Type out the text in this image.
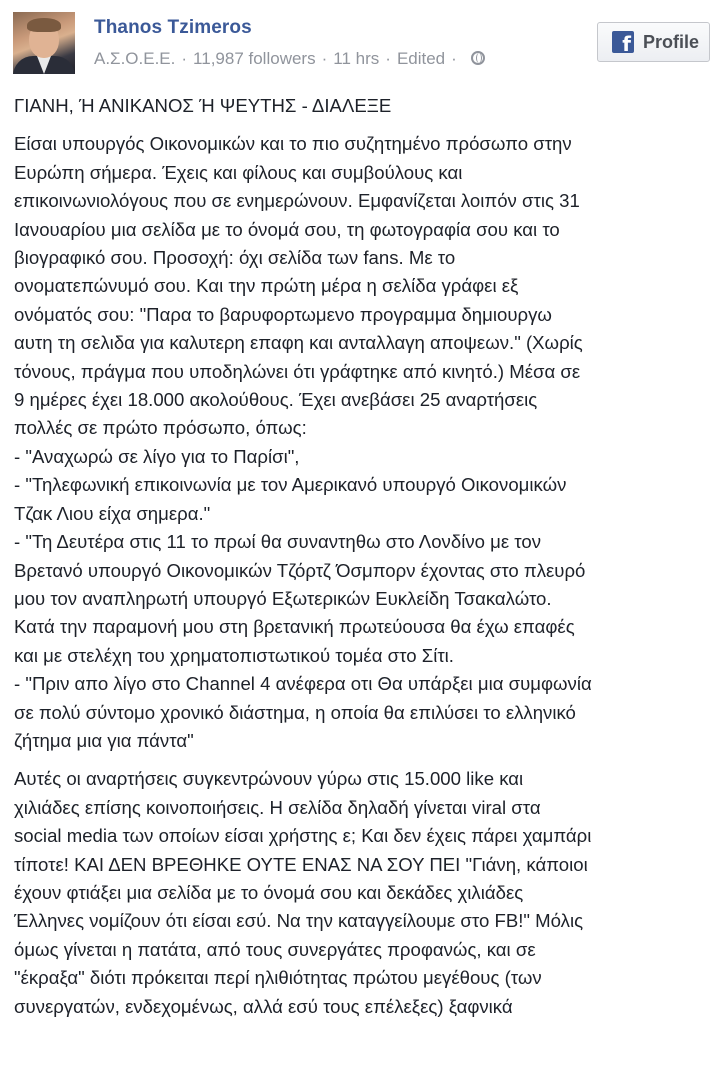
Thanos Tzimeros
Α.Σ.Ο.Ε.Ε. · 11,987 followers · 11 hrs · Edited ·
f
Profile
ΓΙΑΝΗ, Ή ΑΝΙΚΑΝΟΣ Ή ΨΕΥΤΗΣ - ΔΙΑΛΕΞΕ

Είσαι υπουργός Οικονομικών και το πιο συζητημένο πρόσωπο στην
Ευρώπη σήμερα. Έχεις και φίλους και συμβούλους και
επικοινωνιολόγους που σε ενημερώνουν. Εμφανίζεται λοιπόν στις 31
Ιανουαρίου μια σελίδα με το όνομά σου, τη φωτογραφία σου και το
βιογραφικό σου. Προσοχή: όχι σελίδα των fans. Με το
ονοματεπώνυμό σου. Και την πρώτη μέρα η σελίδα γράφει εξ
ονόματός σου: "Παρα το βαρυφορτωμενο προγραμμα δημιουργω
αυτη τη σελιδα για καλυτερη επαφη και ανταλλαγη αποψεων." (Χωρίς
τόνους, πράγμα που υποδηλώνει ότι γράφτηκε από κινητό.) Μέσα σε
9 ημέρες έχει 18.000 ακολούθους. Έχει ανεβάσει 25 αναρτήσεις
πολλές σε πρώτο πρόσωπο, όπως:
- "Αναχωρώ σε λίγο για το Παρίσι",
- "Τηλεφωνική επικοινωνία με τον Αμερικανό υπουργό Οικονομικών
Τζακ Λιου είχα σημερα."
- "Τη Δευτέρα στις 11 το πρωί θα συναντηθω στο Λονδίνο με τον
Βρετανό υπουργό Οικονομικών Τζόρτζ Όσμπορν έχοντας στο πλευρό
μου τον αναπληρωτή υπουργό Εξωτερικών Ευκλείδη Τσακαλώτο.
Κατά την παραμονή μου στη βρετανική πρωτεύουσα θα έχω επαφές
και με στελέχη του χρηματοπιστωτικού τομέα στο Σίτι.
- "Πριν απο λίγο στο Channel 4 ανέφερα οτι Θα υπάρξει μια συμφωνία
σε πολύ σύντομο χρονικό διάστημα, η οποία θα επιλύσει το ελληνικό
ζήτημα μια για πάντα"

Αυτές οι αναρτήσεις συγκεντρώνουν γύρω στις 15.000 like και
χιλιάδες επίσης κοινοποιήσεις. Η σελίδα δηλαδή γίνεται viral στα
social media των οποίων είσαι χρήστης ε; Και δεν έχεις πάρει χαμπάρι
τίποτε! ΚΑΙ ΔΕΝ ΒΡΕΘΗΚΕ ΟΥΤΕ ΕΝΑΣ ΝΑ ΣΟΥ ΠΕΙ "Γιάνη, κάποιοι
έχουν φτιάξει μια σελίδα με το όνομά σου και δεκάδες χιλιάδες
Έλληνες νομίζουν ότι είσαι εσύ. Να την καταγγείλουμε στο FB!" Μόλις
όμως γίνεται η πατάτα, από τους συνεργάτες προφανώς, και σε
"έκραξα" διότι πρόκειται περί ηλιθιότητας πρώτου μεγέθους (των
συνεργατών, ενδεχομένως, αλλά εσύ τους επέλεξες) ξαφνικά
